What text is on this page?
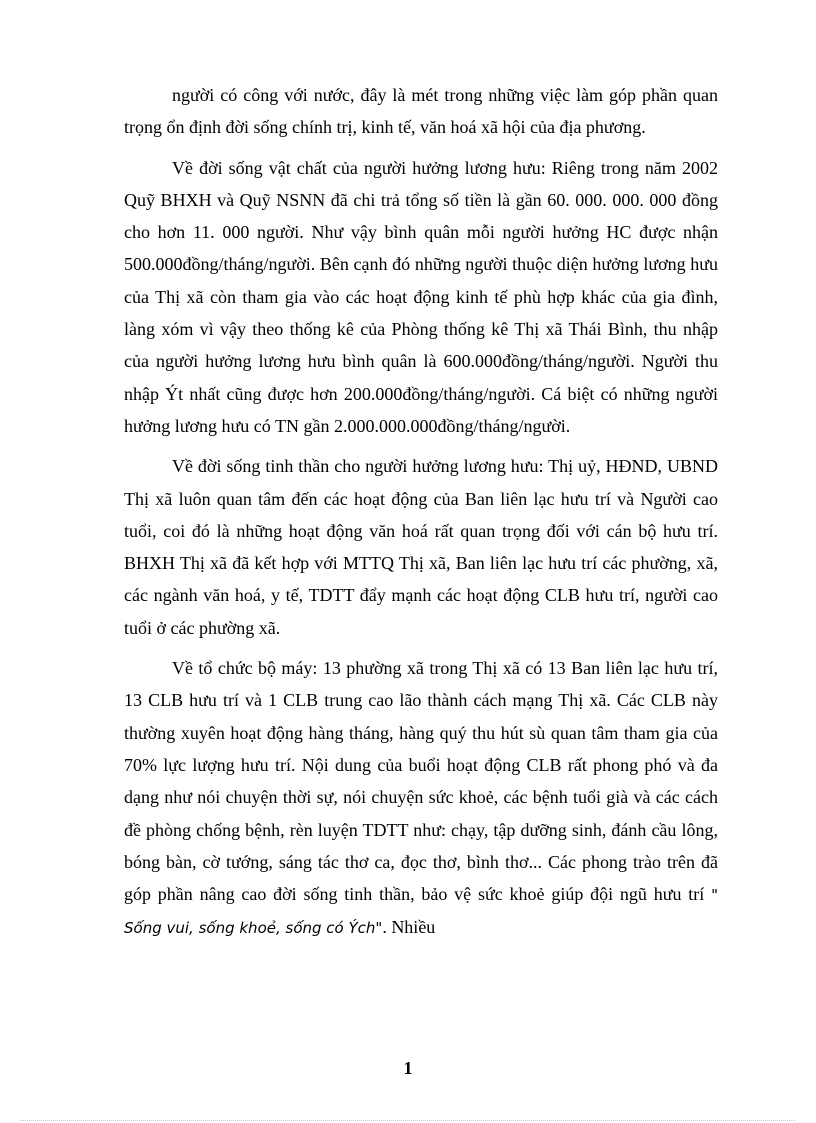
người có công với nước, đây là mét trong những việc làm góp phần quan trọng ổn định đời sống chính trị, kinh tế, văn hoá xã hội của địa phương.

Về đời sống vật chất của người hưởng lương hưu: Riêng trong năm 2002 Quỹ BHXH và Quỹ NSNN đã chi trả tổng số tiền là gần 60. 000. 000. 000 đồng cho hơn 11. 000 người. Như vậy bình quân mỗi người hưởng HC được nhận 500.000đồng/tháng/người. Bên cạnh đó những người thuộc diện hưởng lương hưu của Thị xã còn tham gia vào các hoạt động kinh tế phù hợp khác của gia đình, làng xóm vì vậy theo thống kê của Phòng thống kê Thị xã Thái Bình, thu nhập của người hưởng lương hưu bình quân là 600.000đồng/tháng/người. Người thu nhập Ýt nhất cũng được hơn 200.000đồng/tháng/người. Cá biệt có những người hưởng lương hưu có TN gần 2.000.000.000đồng/tháng/người.

Về đời sống tinh thần cho người hưởng lương hưu: Thị uỷ, HĐND, UBND Thị xã luôn quan tâm đến các hoạt động của Ban liên lạc hưu trí và Người cao tuổi, coi đó là những hoạt động văn hoá rất quan trọng đối với cán bộ hưu trí. BHXH Thị xã đã kết hợp với MTTQ Thị xã, Ban liên lạc hưu trí các phường, xã, các ngành văn hoá, y tế, TDTT đẩy mạnh các hoạt động CLB hưu trí, người cao tuổi ở các phường xã.

Về tổ chức bộ máy: 13 phường xã trong Thị xã có 13 Ban liên lạc hưu trí, 13 CLB hưu trí và 1 CLB trung cao lão thành cách mạng Thị xã. Các CLB này thường xuyên hoạt động hàng tháng, hàng quý thu hút sù quan tâm tham gia của 70% lực lượng hưu trí. Nội dung của buổi hoạt động CLB rất phong phó và đa dạng như nói chuyện thời sự, nói chuyện sức khoẻ, các bệnh tuổi già và các cách đề phòng chống bệnh, rèn luyện TDTT như: chạy, tập dưỡng sinh, đánh cầu lông, bóng bàn, cờ tướng, sáng tác thơ ca, đọc thơ, bình thơ... Các phong trào trên đã góp phần nâng cao đời sống tinh thần, bảo vệ sức khoẻ giúp đội ngũ hưu trí " Sống vui, sống khoẻ, sống có Ých". Nhiều

1
